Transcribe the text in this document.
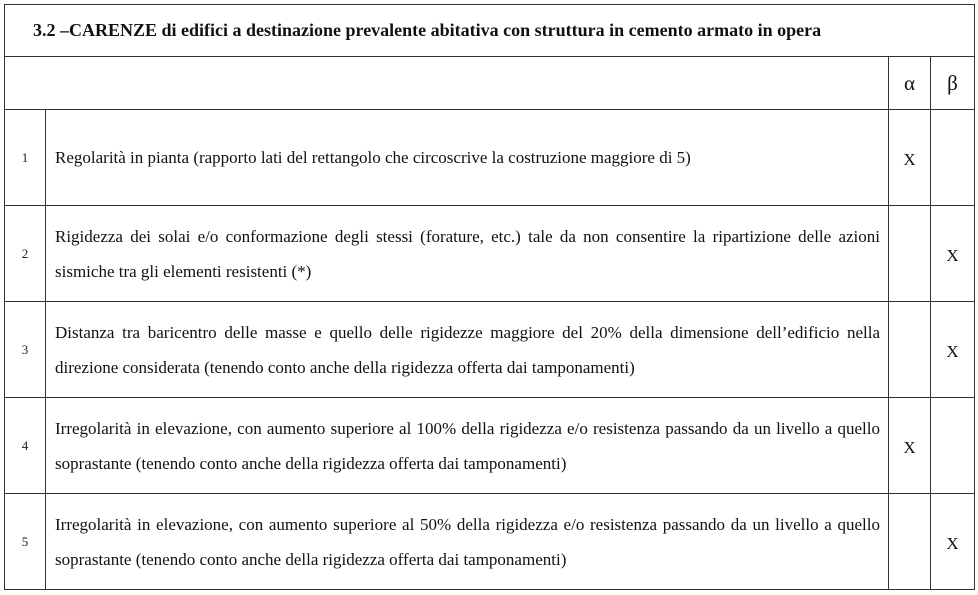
3.2 –CARENZE di edifici a destinazione prevalente abitativa con struttura in cemento armato in opera			
		α	β
1	Regolarità in pianta (rapporto lati del rettangolo che circoscrive la costruzione maggiore di 5)	X	
2	Rigidezza dei solai e/o conformazione degli stessi (forature, etc.) tale da non consentire la ripartizione delle azioni sismiche tra gli elementi resistenti (*)		X
3	Distanza tra baricentro delle masse e quello delle rigidezze maggiore del 20% della dimensione dell’edificio nella direzione considerata (tenendo conto anche della rigidezza offerta dai tamponamenti)		X
4	Irregolarità in elevazione, con aumento superiore al 100% della rigidezza e/o resistenza passando da un livello a quello soprastante (tenendo conto anche della rigidezza offerta dai tamponamenti)	X	
5	Irregolarità in elevazione, con aumento superiore al 50% della rigidezza e/o resistenza passando da un livello a quello soprastante (tenendo conto anche della rigidezza offerta dai tamponamenti)		X
